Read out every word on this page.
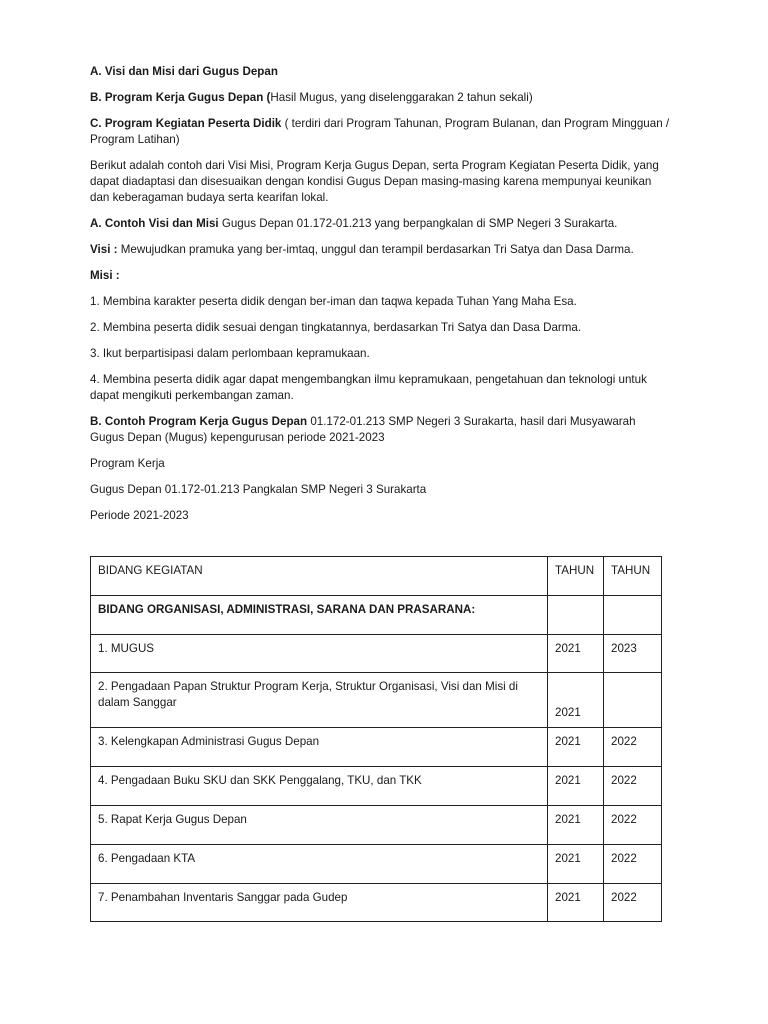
A. Visi dan Misi dari Gugus Depan

B. Program Kerja Gugus Depan (Hasil Mugus, yang diselenggarakan 2 tahun sekali)

C. Program Kegiatan Peserta Didik ( terdiri dari Program Tahunan, Program Bulanan, dan Program Mingguan / Program Latihan)

Berikut adalah contoh dari Visi Misi, Program Kerja Gugus Depan, serta Program Kegiatan Peserta Didik, yang dapat diadaptasi dan disesuaikan dengan kondisi Gugus Depan masing-masing karena mempunyai keunikan dan keberagaman budaya serta kearifan lokal.

A. Contoh Visi dan Misi Gugus Depan 01.172-01.213 yang berpangkalan di SMP Negeri 3 Surakarta.

Visi : Mewujudkan pramuka yang ber-imtaq, unggul dan terampil berdasarkan Tri Satya dan Dasa Darma.

Misi :

1. Membina karakter peserta didik dengan ber-iman dan taqwa kepada Tuhan Yang Maha Esa.

2. Membina peserta didik sesuai dengan tingkatannya, berdasarkan Tri Satya dan Dasa Darma.

3. Ikut berpartisipasi dalam perlombaan kepramukaan.

4. Membina peserta didik agar dapat mengembangkan ilmu kepramukaan, pengetahuan dan teknologi untuk dapat mengikuti perkembangan zaman.

B. Contoh Program Kerja Gugus Depan 01.172-01.213 SMP Negeri 3 Surakarta, hasil dari Musyawarah Gugus Depan (Mugus) kepengurusan periode 2021-2023

Program Kerja

Gugus Depan 01.172-01.213 Pangkalan SMP Negeri 3 Surakarta

Periode 2021-2023

BIDANG KEGIATAN	TAHUN	TAHUN
BIDANG ORGANISASI, ADMINISTRASI, SARANA DAN PRASARANA:		
1. MUGUS	2021	2023
2. Pengadaan Papan Struktur Program Kerja, Struktur Organisasi, Visi dan Misi di dalam Sanggar	2021	
3. Kelengkapan Administrasi Gugus Depan	2021	2022
4. Pengadaan Buku SKU dan SKK Penggalang, TKU, dan TKK	2021	2022
5. Rapat Kerja Gugus Depan	2021	2022
6. Pengadaan KTA	2021	2022
7. Penambahan Inventaris Sanggar pada Gudep	2021	2022
